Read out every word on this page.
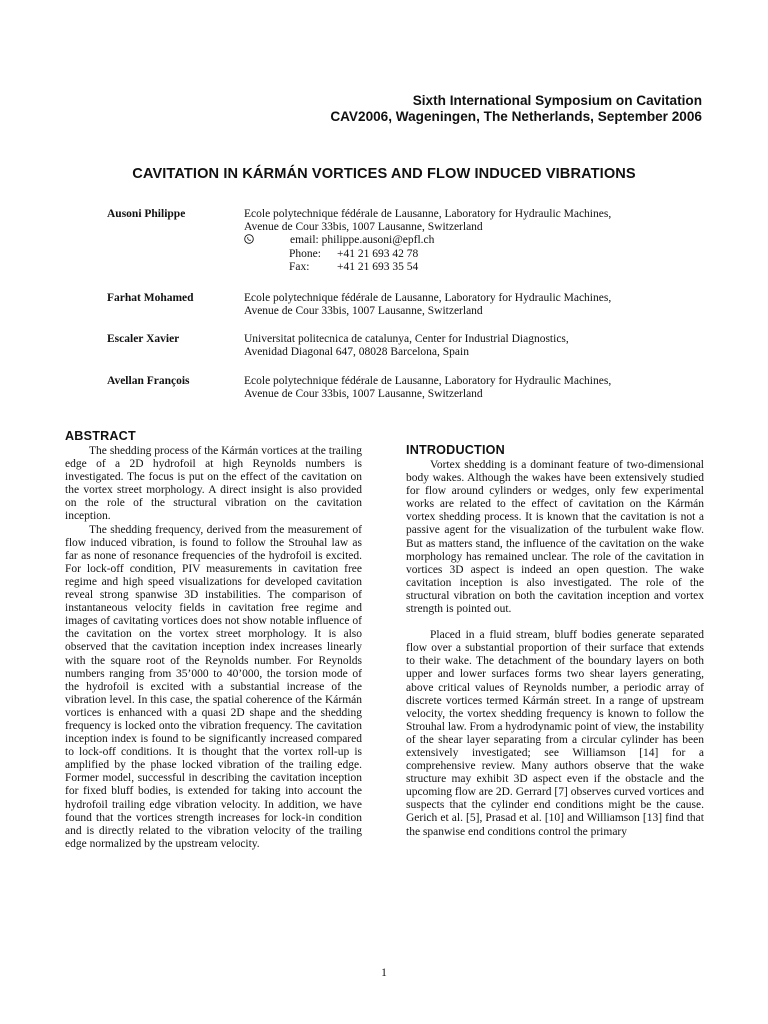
Sixth International Symposium on Cavitation
CAV2006, Wageningen, The Netherlands, September 2006
CAVITATION IN KÁRMÁN VORTICES AND FLOW INDUCED VIBRATIONS
Ausoni Philippe	Ecole polytechnique fédérale de Lausanne, Laboratory for Hydraulic Machines,
Avenue de Cour 33bis, 1007 Lausanne, Switzerland
email:
philippe.ausoni@epfl.ch
Phone:	+41 21 693 42 78
Fax:	+41 21 693 35 54
Farhat Mohamed	Ecole polytechnique fédérale de Lausanne, Laboratory for Hydraulic Machines,
Avenue de Cour 33bis, 1007 Lausanne, Switzerland
Escaler Xavier	Universitat politecnica de catalunya, Center for Industrial Diagnostics,
Avenidad Diagonal 647, 08028 Barcelona, Spain
Avellan François	Ecole polytechnique fédérale de Lausanne, Laboratory for Hydraulic Machines,
Avenue de Cour 33bis, 1007 Lausanne, Switzerland
ABSTRACT

The shedding process of the Kármán vortices at the trailing edge of a 2D hydrofoil at high Reynolds numbers is investigated. The focus is put on the effect of the cavitation on the vortex street morphology. A direct insight is also provided on the role of the structural vibration on the cavitation inception.

The shedding frequency, derived from the measurement of flow induced vibration, is found to follow the Strouhal law as far as none of resonance frequencies of the hydrofoil is excited. For lock-off condition, PIV measurements in cavitation free regime and high speed visualizations for developed cavitation reveal strong spanwise 3D instabilities. The comparison of instantaneous velocity fields in cavitation free regime and images of cavitating vortices does not show notable influence of the cavitation on the vortex street morphology. It is also observed that the cavitation inception index increases linearly with the square root of the Reynolds number. For Reynolds numbers ranging from 35’000 to 40’000, the torsion mode of the hydrofoil is excited with a substantial increase of the vibration level. In this case, the spatial coherence of the Kármán vortices is enhanced with a quasi 2D shape and the shedding frequency is locked onto the vibration frequency. The cavitation inception index is found to be significantly increased compared to lock-off conditions. It is thought that the vortex roll-up is amplified by the phase locked vibration of the trailing edge. Former model, successful in describing the cavitation inception for fixed bluff bodies, is extended for taking into account the hydrofoil trailing edge vibration velocity. In addition, we have found that the vortices strength increases for lock-in condition and is directly related to the vibration velocity of the trailing edge normalized by the upstream velocity.

INTRODUCTION

Vortex shedding is a dominant feature of two-dimensional body wakes. Although the wakes have been extensively studied for flow around cylinders or wedges, only few experimental works are related to the effect of cavitation on the Kármán vortex shedding process. It is known that the cavitation is not a passive agent for the visualization of the turbulent wake flow. But as matters stand, the influence of the cavitation on the wake morphology has remained unclear. The role of the cavitation in vortices 3D aspect is indeed an open question. The wake cavitation inception is also investigated. The role of the structural vibration on both the cavitation inception and vortex strength is pointed out.

Placed in a fluid stream, bluff bodies generate separated flow over a substantial proportion of their surface that extends to their wake. The detachment of the boundary layers on both upper and lower surfaces forms two shear layers generating, above critical values of Reynolds number, a periodic array of discrete vortices termed Kármán street. In a range of upstream velocity, the vortex shedding frequency is known to follow the Strouhal law. From a hydrodynamic point of view, the instability of the shear layer separating from a circular cylinder has been extensively investigated; see Williamson [14] for a comprehensive review. Many authors observe that the wake structure may exhibit 3D aspect even if the obstacle and the upcoming flow are 2D. Gerrard [7] observes curved vortices and suspects that the cylinder end conditions might be the cause. Gerich et al. [5], Prasad et al. [10] and Williamson [13] find that the spanwise end conditions control the primary

1
